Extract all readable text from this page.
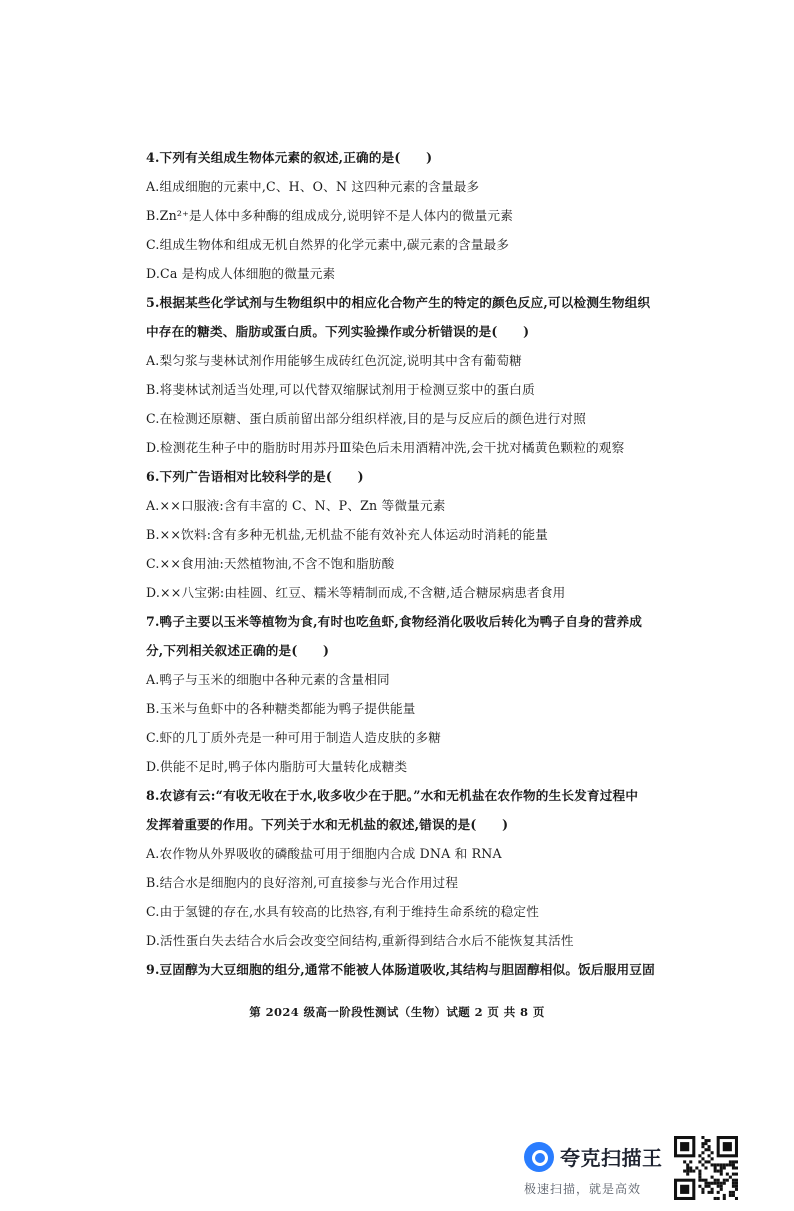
4.下列有关组成生物体元素的叙述,正确的是(　　)
A.组成细胞的元素中,C、H、O、N 这四种元素的含量最多
B.Zn²⁺是人体中多种酶的组成成分,说明锌不是人体内的微量元素
C.组成生物体和组成无机自然界的化学元素中,碳元素的含量最多
D.Ca 是构成人体细胞的微量元素
5.根据某些化学试剂与生物组织中的相应化合物产生的特定的颜色反应,可以检测生物组织
中存在的糖类、脂肪或蛋白质。下列实验操作或分析错误的是(　　)
A.梨匀浆与斐林试剂作用能够生成砖红色沉淀,说明其中含有葡萄糖
B.将斐林试剂适当处理,可以代替双缩脲试剂用于检测豆浆中的蛋白质
C.在检测还原糖、蛋白质前留出部分组织样液,目的是与反应后的颜色进行对照
D.检测花生种子中的脂肪时用苏丹Ⅲ染色后未用酒精冲洗,会干扰对橘黄色颗粒的观察
6.下列广告语相对比较科学的是(　　)
A.××口服液:含有丰富的 C、N、P、Zn 等微量元素
B.××饮料:含有多种无机盐,无机盐不能有效补充人体运动时消耗的能量
C.××食用油:天然植物油,不含不饱和脂肪酸
D.××八宝粥:由桂圆、红豆、糯米等精制而成,不含糖,适合糖尿病患者食用
7.鸭子主要以玉米等植物为食,有时也吃鱼虾,食物经消化吸收后转化为鸭子自身的营养成
分,下列相关叙述正确的是(　　)
A.鸭子与玉米的细胞中各种元素的含量相同
B.玉米与鱼虾中的各种糖类都能为鸭子提供能量
C.虾的几丁质外壳是一种可用于制造人造皮肤的多糖
D.供能不足时,鸭子体内脂肪可大量转化成糖类
8.农谚有云:“有收无收在于水,收多收少在于肥。”水和无机盐在农作物的生长发育过程中
发挥着重要的作用。下列关于水和无机盐的叙述,错误的是(　　)
A.农作物从外界吸收的磷酸盐可用于细胞内合成 DNA 和 RNA
B.结合水是细胞内的良好溶剂,可直接参与光合作用过程
C.由于氢键的存在,水具有较高的比热容,有利于维持生命系统的稳定性
D.活性蛋白失去结合水后会改变空间结构,重新得到结合水后不能恢复其活性
9.豆固醇为大豆细胞的组分,通常不能被人体肠道吸收,其结构与胆固醇相似。饭后服用豆固
第 2024 级高一阶段性测试（生物）试题 2 页 共 8 页
夸克扫描王
极速扫描，就是高效
